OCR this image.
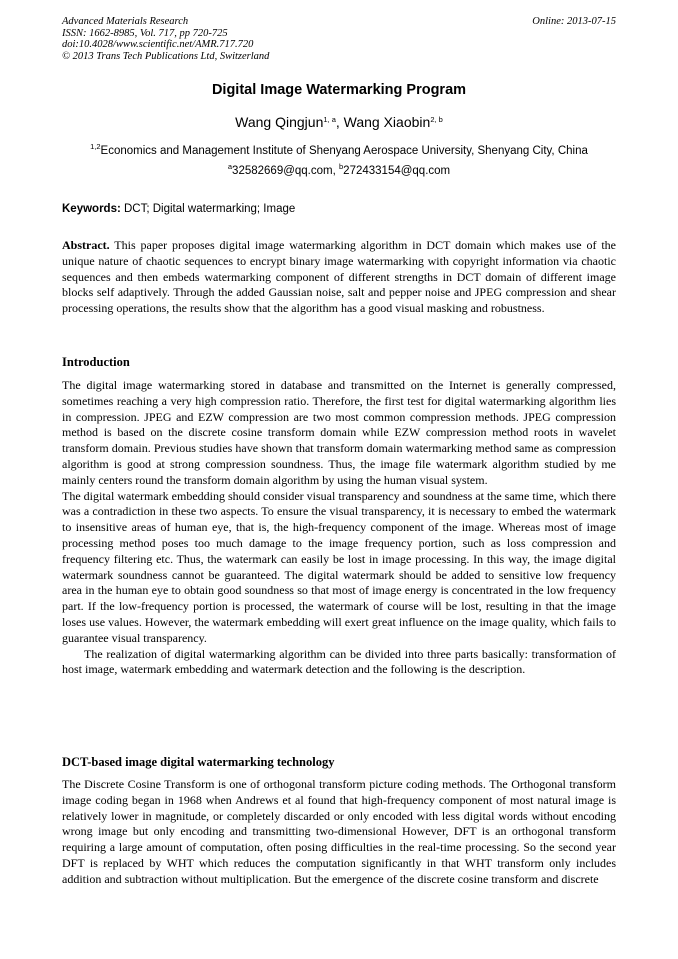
Advanced Materials Research
ISSN: 1662-8985, Vol. 717, pp 720-725
doi:10.4028/www.scientific.net/AMR.717.720
© 2013 Trans Tech Publications Ltd, Switzerland
Online: 2013-07-15
Digital Image Watermarking Program
Wang Qingjun$^{1, a}$, Wang Xiaobin$^{2, b}$
$^{1,2}$Economics and Management Institute of Shenyang Aerospace University, Shenyang City, China
$^a$32582669@qq.com, $^b$272433154@qq.com
Keywords: DCT; Digital watermarking; Image
Abstract. This paper proposes digital image watermarking algorithm in DCT domain which makes use of the unique nature of chaotic sequences to encrypt binary image watermarking with copyright information via chaotic sequences and then embeds watermarking component of different strengths in DCT domain of different image blocks self adaptively. Through the added Gaussian noise, salt and pepper noise and JPEG compression and shear processing operations, the results show that the algorithm has a good visual masking and robustness.
Introduction

The digital image watermarking stored in database and transmitted on the Internet is generally compressed, sometimes reaching a very high compression ratio. Therefore, the first test for digital watermarking algorithm lies in compression. JPEG and EZW compression are two most common compression methods. JPEG compression method is based on the discrete cosine transform domain while EZW compression method roots in wavelet transform domain. Previous studies have shown that transform domain watermarking method same as compression algorithm is good at strong compression soundness. Thus, the image file watermark algorithm studied by me mainly centers round the transform domain algorithm by using the human visual system.

The digital watermark embedding should consider visual transparency and soundness at the same time, which there was a contradiction in these two aspects. To ensure the visual transparency, it is necessary to embed the watermark to insensitive areas of human eye, that is, the high-frequency component of the image. Whereas most of image processing method poses too much damage to the image frequency portion, such as loss compression and frequency filtering etc. Thus, the watermark can easily be lost in image processing. In this way, the image digital watermark soundness cannot be guaranteed. The digital watermark should be added to sensitive low frequency area in the human eye to obtain good soundness so that most of image energy is concentrated in the low frequency part. If the low-frequency portion is processed, the watermark of course will be lost, resulting in that the image loses use values. However, the watermark embedding will exert great influence on the image quality, which fails to guarantee visual transparency.

The realization of digital watermarking algorithm can be divided into three parts basically: transformation of host image, watermark embedding and watermark detection and the following is the description.

DCT-based image digital watermarking technology

The Discrete Cosine Transform is one of orthogonal transform picture coding methods. The Orthogonal transform image coding began in 1968 when Andrews et al found that high-frequency component of most natural image is relatively lower in magnitude, or completely discarded or only encoded with less digital words without encoding wrong image but only encoding and transmitting two-dimensional However, DFT is an orthogonal transform requiring a large amount of computation, often posing difficulties in the real-time processing. So the second year DFT is replaced by WHT which reduces the computation significantly in that WHT transform only includes addition and subtraction without multiplication. But the emergence of the discrete cosine transform and discrete
